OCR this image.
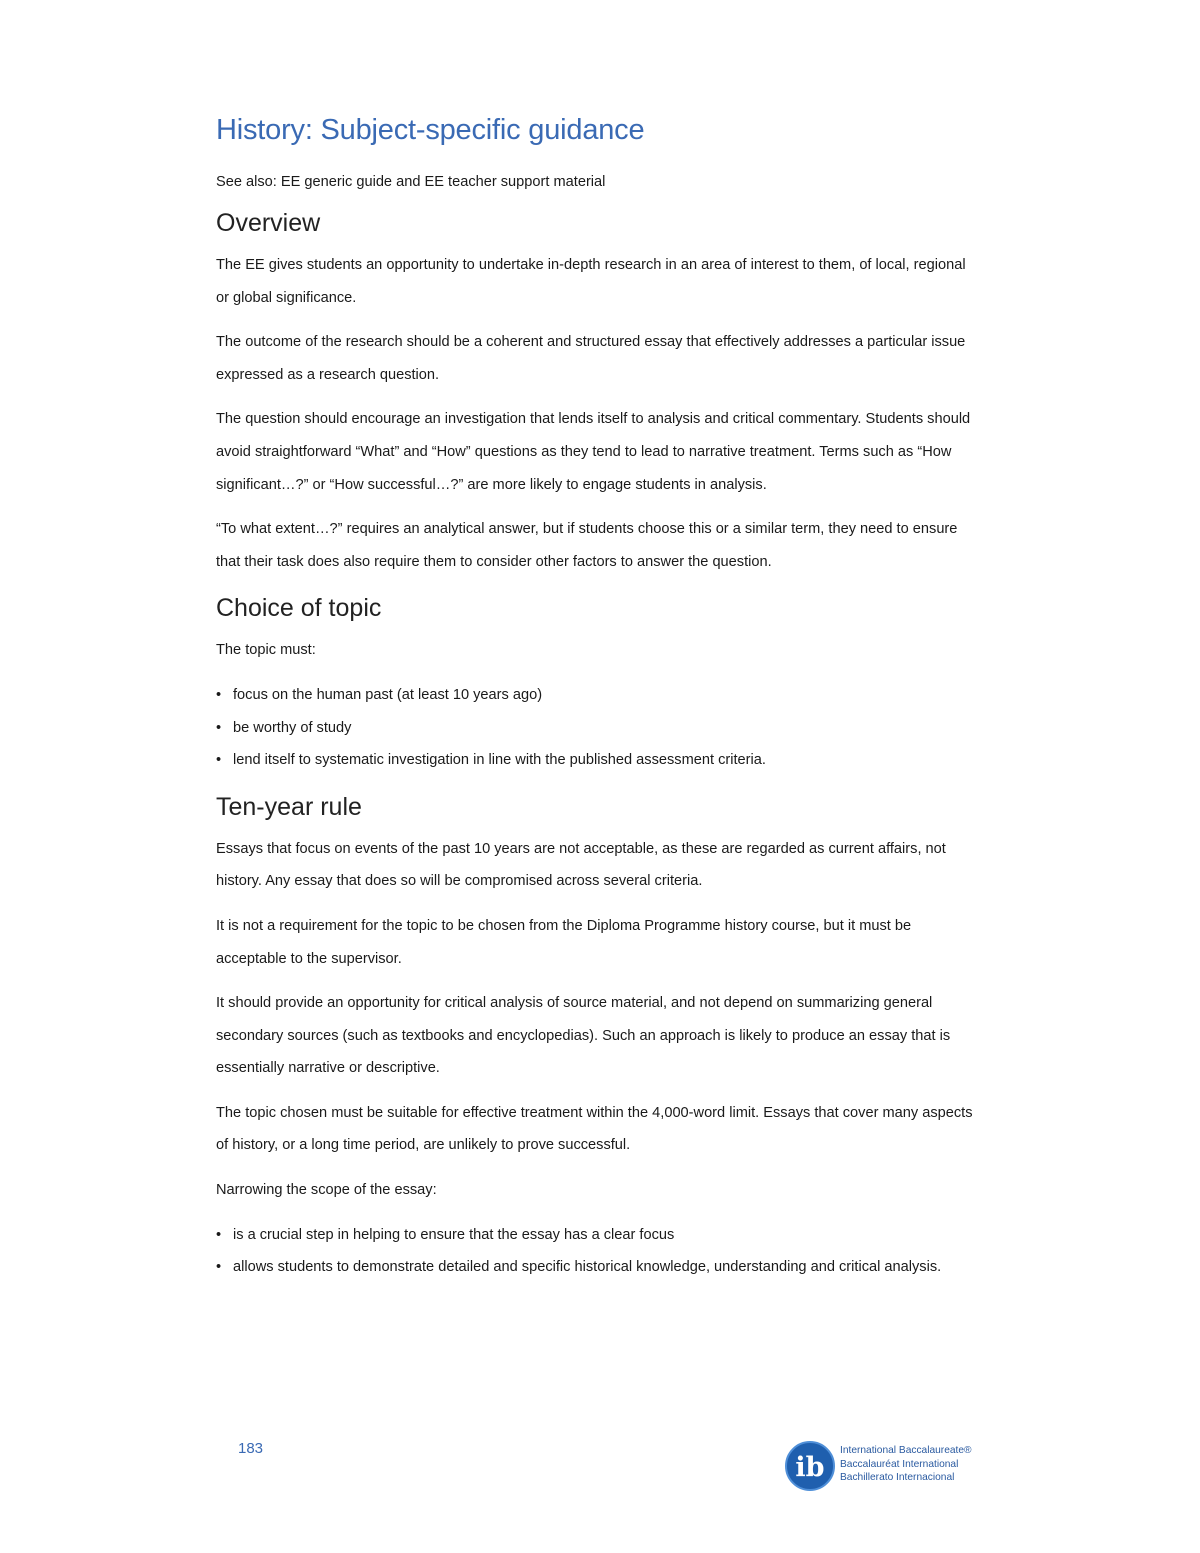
History: Subject-specific guidance
See also: EE generic guide and EE teacher support material
Overview

The EE gives students an opportunity to undertake in-depth research in an area of interest to them, of local, regional or global significance.

The outcome of the research should be a coherent and structured essay that effectively addresses a particular issue expressed as a research question.

The question should encourage an investigation that lends itself to analysis and critical commentary. Students should avoid straightforward “What” and “How” questions as they tend to lead to narrative treatment. Terms such as “How significant…?” or “How successful…?” are more likely to engage students in analysis.

“To what extent…?” requires an analytical answer, but if students choose this or a similar term, they need to ensure that their task does also require them to consider other factors to answer the question.

Choice of topic

The topic must:

• focus on the human past (at least 10 years ago)
• be worthy of study
• lend itself to systematic investigation in line with the published assessment criteria.
Ten-year rule

Essays that focus on events of the past 10 years are not acceptable, as these are regarded as current affairs, not history. Any essay that does so will be compromised across several criteria.

It is not a requirement for the topic to be chosen from the Diploma Programme history course, but it must be acceptable to the supervisor.

It should provide an opportunity for critical analysis of source material, and not depend on summarizing general secondary sources (such as textbooks and encyclopedias). Such an approach is likely to produce an essay that is essentially narrative or descriptive.

The topic chosen must be suitable for effective treatment within the 4,000-word limit. Essays that cover many aspects of history, or a long time period, are unlikely to prove successful.

Narrowing the scope of the essay:

• is a crucial step in helping to ensure that the essay has a clear focus
• allows students to demonstrate detailed and specific historical knowledge, understanding and critical analysis.
183
ib
International Baccalaureate®
Baccalauréat International
Bachillerato Internacional
